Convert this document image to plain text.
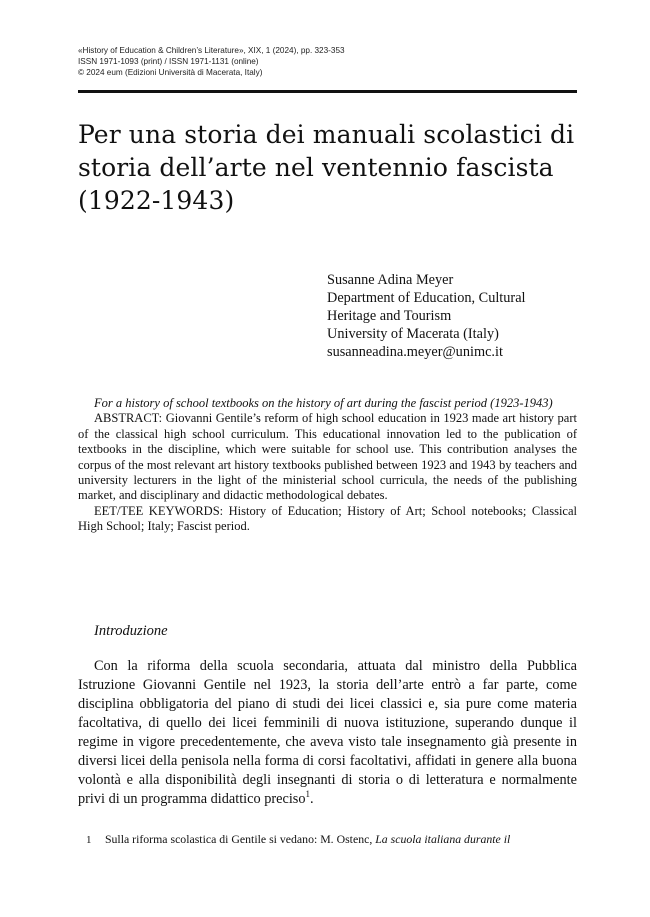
«History of Education & Children’s Literature», XIX, 1 (2024), pp. 323-353
ISSN 1971-1093 (print) / ISSN 1971-1131 (online)
© 2024 eum (Edizioni Università di Macerata, Italy)
Per una storia dei manuali scolastici di
storia dell’arte nel ventennio fascista
(1922-1943)
Susanne Adina Meyer
Department of Education, Cultural
Heritage and Tourism
University of Macerata (Italy)
susanneadina.meyer@unimc.it

For a history of school textbooks on the history of art during the fascist period (1923-1943)

ABSTRACT: Giovanni Gentile’s reform of high school education in 1923 made art history part of the classical high school curriculum. This educational innovation led to the publication of textbooks in the discipline, which were suitable for school use. This contribution analyses the corpus of the most relevant art history textbooks published between 1923 and 1943 by teachers and university lecturers in the light of the ministerial school curricula, the needs of the publishing market, and disciplinary and didactic methodological debates.

EET/TEE KEYWORDS: History of Education; History of Art; School notebooks; Classical High School; Italy; Fascist period.

Introduzione

Con la riforma della scuola secondaria, attuata dal ministro della Pubblica Istruzione Giovanni Gentile nel 1923, la storia dell’arte entrò a far parte, come disciplina obbligatoria del piano di studi dei licei classici e, sia pure come materia facoltativa, di quello dei licei femminili di nuova istituzione, superando dunque il regime in vigore precedentemente, che aveva visto tale insegnamento già presente in diversi licei della penisola nella forma di corsi facoltativi, affidati in genere alla buona volontà e alla disponibilità degli insegnanti di storia o di letteratura e normalmente privi di un programma didattico preciso$^1$.

1 Sulla riforma scolastica di Gentile si vedano: M. Ostenc, La scuola italiana durante il
